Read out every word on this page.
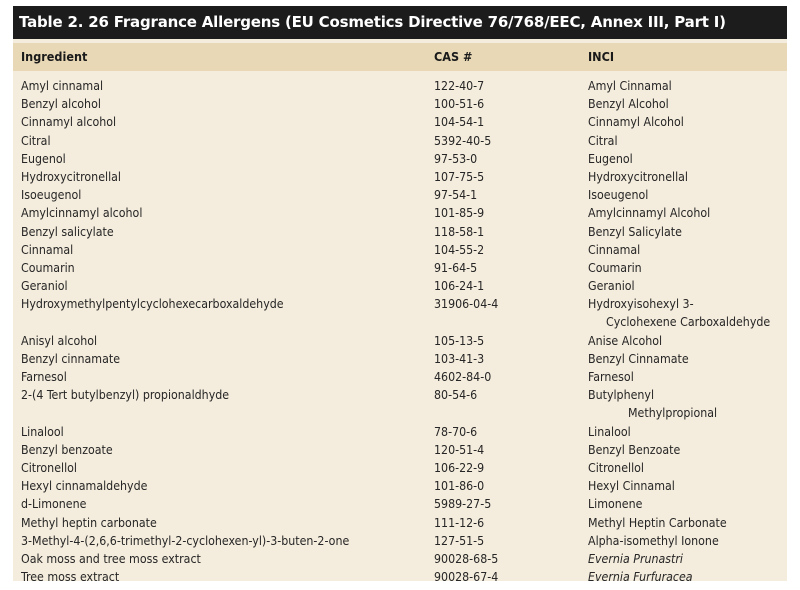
Table 2. 26 Fragrance Allergens (EU Cosmetics Directive 76/768/EEC, Annex III, Part I)
Ingredient	CAS #	INCI
Amyl cinnamal	122-40-7	Amyl Cinnamal
Benzyl alcohol	100-51-6	Benzyl Alcohol
Cinnamyl alcohol	104-54-1	Cinnamyl Alcohol
Citral	5392-40-5	Citral
Eugenol	97-53-0	Eugenol
Hydroxycitronellal	107-75-5	Hydroxycitronellal
Isoeugenol	97-54-1	Isoeugenol
Amylcinnamyl alcohol	101-85-9	Amylcinnamyl Alcohol
Benzyl salicylate	118-58-1	Benzyl Salicylate
Cinnamal	104-55-2	Cinnamal
Coumarin	91-64-5	Coumarin
Geraniol	106-24-1	Geraniol
Hydroxymethylpentylcyclohexecarboxaldehyde	31906-04-4	Hydroxyisohexyl 3-
Cyclohexene Carboxaldehyde
Anisyl alcohol	105-13-5	Anise Alcohol
Benzyl cinnamate	103-41-3	Benzyl Cinnamate
Farnesol	4602-84-0	Farnesol
2-(4 Tert butylbenzyl) propionaldhyde	80-54-6	Butylphenyl
Methylpropional
Linalool	78-70-6	Linalool
Benzyl benzoate	120-51-4	Benzyl Benzoate
Citronellol	106-22-9	Citronellol
Hexyl cinnamaldehyde	101-86-0	Hexyl Cinnamal
d-Limonene	5989-27-5	Limonene
Methyl heptin carbonate	111-12-6	Methyl Heptin Carbonate
3-Methyl-4-(2,6,6-trimethyl-2-cyclohexen-yl)-3-buten-2-one	127-51-5	Alpha-isomethyl Ionone
Oak moss and tree moss extract	90028-68-5	Evernia Prunastri
Tree moss extract	90028-67-4	Evernia Furfuracea
